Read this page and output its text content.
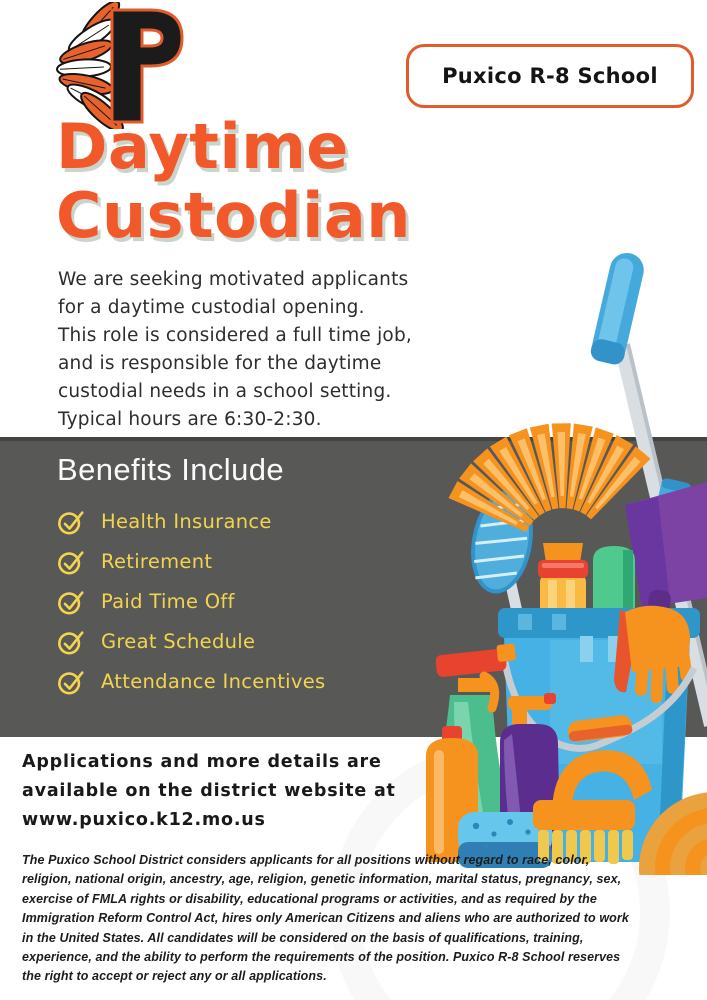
Puxico R-8 School
Daytime
Custodian
We are seeking motivated applicants
for a daytime custodial opening.
This role is considered a full time job,
and is responsible for the daytime
custodial needs in a school setting.
Typical hours are 6:30-2:30.
Benefits Include
Health Insurance
Retirement
Paid Time Off
Great Schedule
Attendance Incentives
Applications and more details are
available on the district website at
www.puxico.k12.mo.us
The Puxico School District considers applicants for all positions without regard to race, color,
religion, national origin, ancestry, age, religion, genetic information, marital status, pregnancy, sex,
exercise of FMLA rights or disability, educational programs or activities, and as required by the
Immigration Reform Control Act, hires only American Citizens and aliens who are authorized to work
in the United States. All candidates will be considered on the basis of qualifications, training,
experience, and the ability to perform the requirements of the position. Puxico R-8 School reserves
the right to accept or reject any or all applications.
